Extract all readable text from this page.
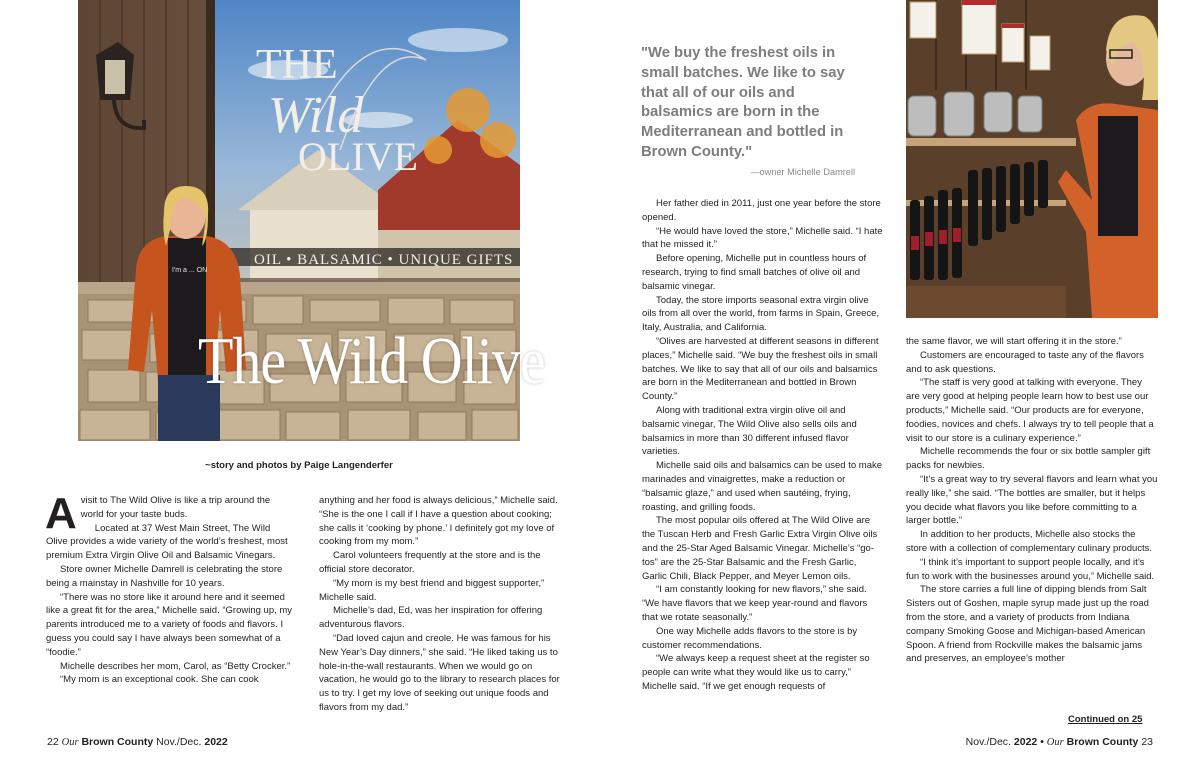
THE
Wild
OLIVE
OIL • BALSAMIC • UNIQUE GIFTS
I'm a ... ON
The Wild Olive
~story and photos by Paige Langenderfer
A visit to The Wild Olive is like a trip around the world for your taste buds.

Located at 37 West Main Street, The Wild Olive provides a wide variety of the world’s freshest, most premium Extra Virgin Olive Oil and Balsamic Vinegars.

Store owner Michelle Damrell is celebrating the store being a mainstay in Nashville for 10 years.

“There was no store like it around here and it seemed like a great fit for the area,” Michelle said. “Growing up, my parents introduced me to a variety of foods and flavors. I guess you could say I have always been somewhat of a “foodie.”

Michelle describes her mom, Carol, as “Betty Crocker.”

“My mom is an exceptional cook. She can cook

anything and her food is always delicious,” Michelle said. “She is the one I call if I have a question about cooking; she calls it ‘cooking by phone.’ I definitely got my love of cooking from my mom.”

Carol volunteers frequently at the store and is the official store decorator.

“My mom is my best friend and biggest supporter,” Michelle said.

Michelle’s dad, Ed, was her inspiration for offering adventurous flavors.

“Dad loved cajun and creole. He was famous for his New Year’s Day dinners,” she said. “He liked taking us to hole-in-the-wall restaurants. When we would go on vacation, he would go to the library to research places for us to try. I get my love of seeking out unique foods and flavors from my dad.”

22 Our Brown County Nov./Dec. 2022
"We buy the freshest oils in small batches. We like to say that all of our oils and balsamics are born in the Mediterranean and bottled in Brown County."
—owner Michelle Damrell

Her father died in 2011, just one year before the store opened.

“He would have loved the store,” Michelle said. “I hate that he missed it.”

Before opening, Michelle put in countless hours of research, trying to find small batches of olive oil and balsamic vinegar.

Today, the store imports seasonal extra virgin olive oils from all over the world, from farms in Spain, Greece, Italy, Australia, and California.

“Olives are harvested at different seasons in different places,” Michelle said. “We buy the freshest oils in small batches. We like to say that all of our oils and balsamics are born in the Mediterranean and bottled in Brown County.”

Along with traditional extra virgin olive oil and balsamic vinegar, The Wild Olive also sells oils and balsamics in more than 30 different infused flavor varieties.

Michelle said oils and balsamics can be used to make marinades and vinaigrettes, make a reduction or “balsamic glaze,” and used when sautéing, frying, roasting, and grilling foods.

The most popular oils offered at The Wild Olive are the Tuscan Herb and Fresh Garlic Extra Virgin Olive oils and the 25-Star Aged Balsamic Vinegar. Michelle’s “go-tos” are the 25-Star Balsamic and the Fresh Garlic, Garlic Chili, Black Pepper, and Meyer Lemon oils.

“I am constantly looking for new flavors,” she said. “We have flavors that we keep year-round and flavors that we rotate seasonally.”

One way Michelle adds flavors to the store is by customer recommendations.

“We always keep a request sheet at the register so people can write what they would like us to carry,” Michelle said. “If we get enough requests of

the same flavor, we will start offering it in the store.”

Customers are encouraged to taste any of the flavors and to ask questions.

“The staff is very good at talking with everyone. They are very good at helping people learn how to best use our products,” Michelle said. “Our products are for everyone, foodies, novices and chefs. I always try to tell people that a visit to our store is a culinary experience.”

Michelle recommends the four or six bottle sampler gift packs for newbies.

“It’s a great way to try several flavors and learn what you really like,” she said. “The bottles are smaller, but it helps you decide what flavors you like before committing to a larger bottle.”

In addition to her products, Michelle also stocks the store with a collection of complementary culinary products.

“I think it’s important to support people locally, and it’s fun to work with the businesses around you,” Michelle said.

The store carries a full line of dipping blends from Salt Sisters out of Goshen, maple syrup made just up the road from the store, and a variety of products from Indiana company Smoking Goose and Michigan-based American Spoon. A friend from Rockville makes the balsamic jams and preserves, an employee’s mother

Continued on 25
Nov./Dec. 2022 • Our Brown County 23
